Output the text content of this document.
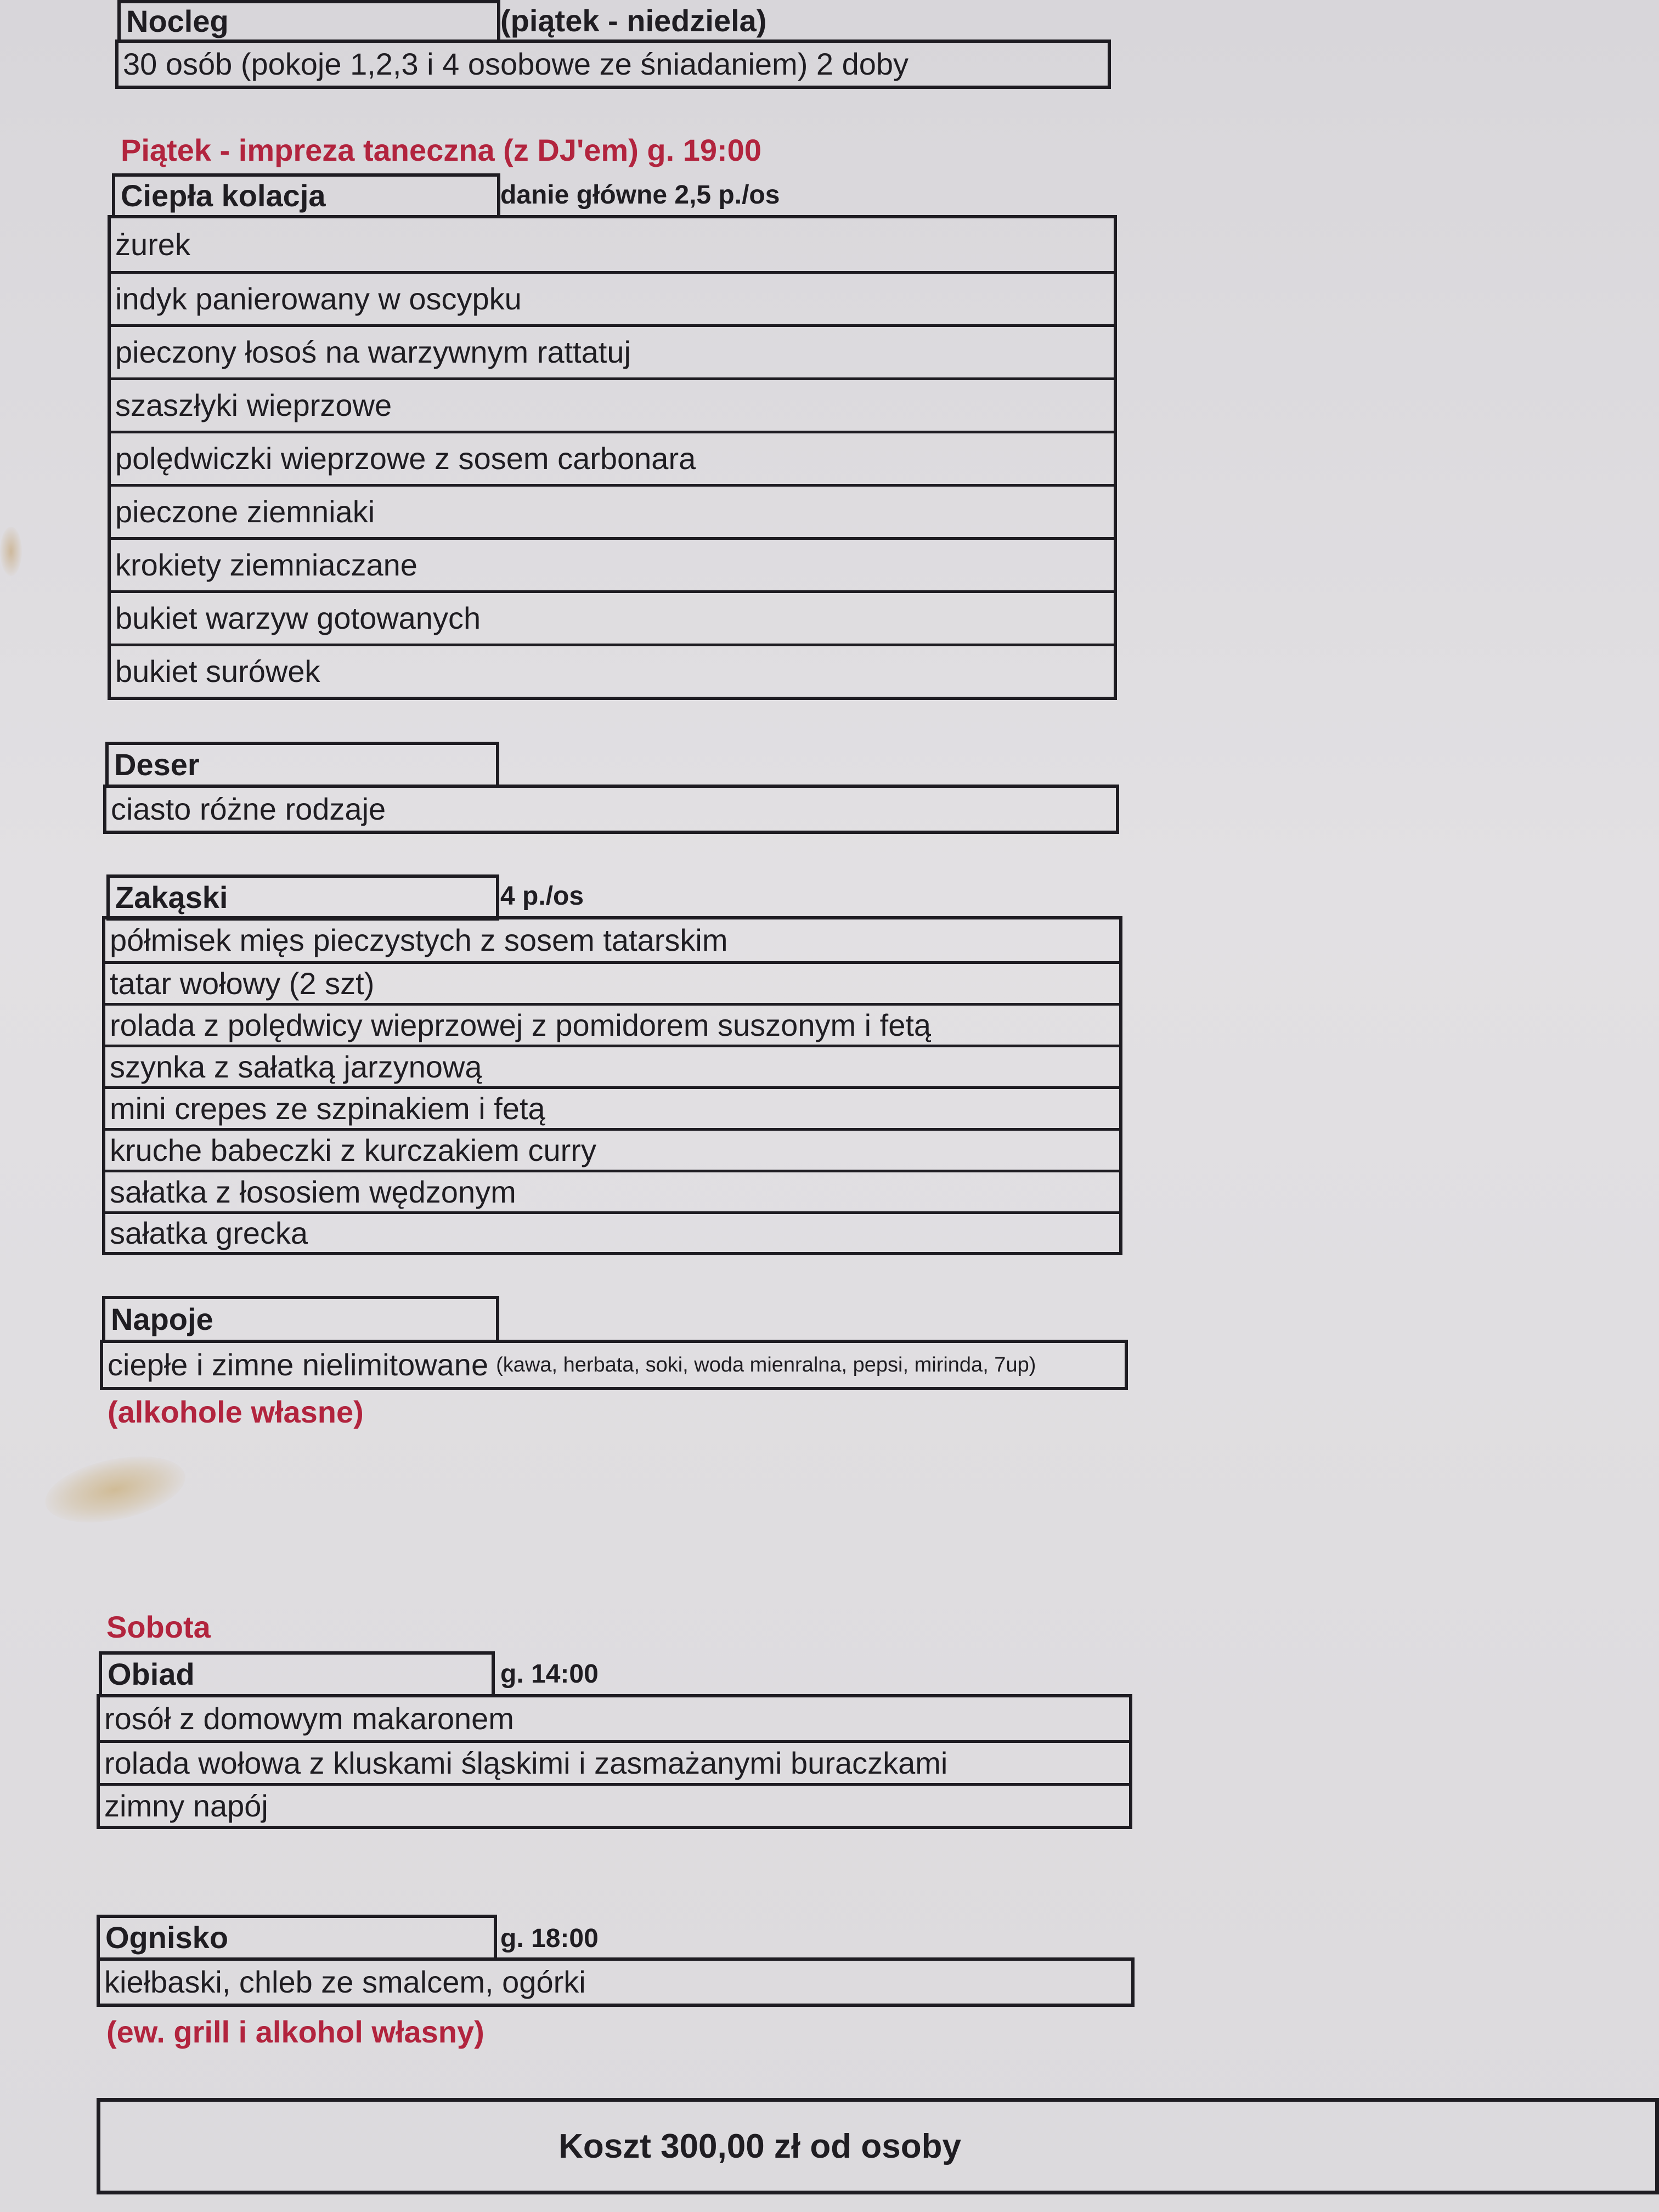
Nocleg	(piątek - niedziela)
30 osób (pokoje 1,2,3 i 4 osobowe ze śniadaniem) 2 doby
Piątek - impreza taneczna (z DJ'em) g. 19:00
Ciepła kolacja	danie główne 2,5 p./os
żurek
indyk panierowany w oscypku
pieczony łosoś na warzywnym rattatuj
szaszłyki wieprzowe
polędwiczki wieprzowe z sosem carbonara
pieczone ziemniaki
krokiety ziemniaczane
bukiet warzyw gotowanych
bukiet surówek
Deser
ciasto różne rodzaje
Zakąski	4 p./os
półmisek mięs pieczystych z sosem tatarskim
tatar wołowy (2 szt)
rolada z polędwicy wieprzowej z pomidorem suszonym i fetą
szynka z sałatką jarzynową
mini crepes ze szpinakiem i fetą
kruche babeczki z kurczakiem curry
sałatka z łososiem wędzonym
sałatka grecka
Napoje
ciepłe i zimne nielimitowane (kawa, herbata, soki, woda mienralna, pepsi, mirinda, 7up)
(alkohole własne)
Sobota
Obiad	g. 14:00
rosół z domowym makaronem
rolada wołowa z kluskami śląskimi i zasmażanymi buraczkami
zimny napój
Ognisko	g. 18:00
kiełbaski, chleb ze smalcem, ogórki
(ew. grill i alkohol własny)
Koszt 300,00 zł od osoby
